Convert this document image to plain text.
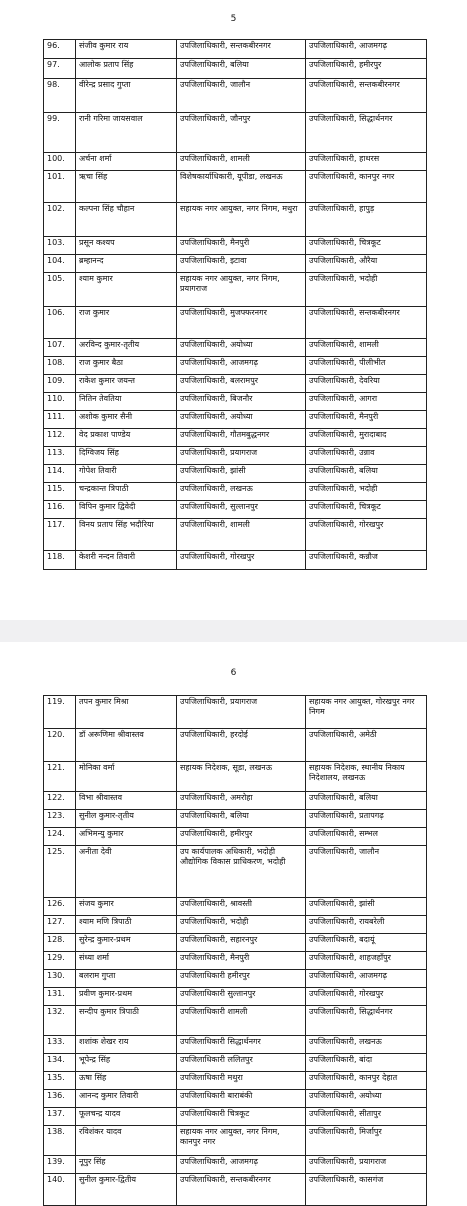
5
96.	संजीव कुमार राय	उपजिलाधिकारी, सन्तकबीरनगर	उपजिलाधिकारी, आजमगढ़
97.	आलोक प्रताप सिंह	उपजिलाधिकारी, बलिया	उपजिलाधिकारी, हमीरपुर
98.	वीरेन्द्र प्रसाद गुप्ता	उपजिलाधिकारी, जालौन	उपजिलाधिकारी, सन्तकबीरनगर
99.	रानी गरिमा जायसवाल	उपजिलाधिकारी, जौनपुर	उपजिलाधिकारी, सिद्धार्थनगर
100.	अर्चना शर्मा	उपजिलाधिकारी, शामली	उपजिलाधिकारी, हाथरस
101.	ऋचा सिंह	विशेषकार्याधिकारी, यूपीडा, लखनऊ	उपजिलाधिकारी, कानपुर नगर
102.	कल्पना सिंह चौहान	सहायक नगर आयुक्त, नगर निगम, मथुरा	उपजिलाधिकारी, हापुड़
103.	प्रसून कश्यप	उपजिलाधिकारी, मैनपुरी	उपजिलाधिकारी, चित्रकूट
104.	ब्रम्हानन्द	उपजिलाधिकारी, इटावा	उपजिलाधिकारी, औरैया
105.	श्याम कुमार	सहायक नगर आयुक्त, नगर निगम, प्रयागराज	उपजिलाधिकारी, भदोही
106.	राज कुमार	उपजिलाधिकारी, मुजफ्फरनगर	उपजिलाधिकारी, सन्तकबीरनगर
107.	अरविन्द कुमार-तृतीय	उपजिलाधिकारी, अयोध्या	उपजिलाधिकारी, शामली
108.	राज कुमार बैठा	उपजिलाधिकारी, आजमगढ़	उपजिलाधिकारी, पीलीभीत
109.	राकेश कुमार जयन्त	उपजिलाधिकारी, बलरामपुर	उपजिलाधिकारी, देवरिया
110.	नितिन तेवतिया	उपजिलाधिकारी, बिजनौर	उपजिलाधिकारी, आगरा
111.	अशोक कुमार सैनी	उपजिलाधिकारी, अयोध्या	उपजिलाधिकारी, मैनपुरी
112.	वेद प्रकाश पाण्डेय	उपजिलाधिकारी, गौतमबुद्धनगर	उपजिलाधिकारी, मुरादाबाद
113.	दिग्विजय सिंह	उपजिलाधिकारी, प्रयागराज	उपजिलाधिकारी, उन्नाव
114.	गोपेश तिवारी	उपजिलाधिकारी, झांसी	उपजिलाधिकारी, बलिया
115.	चन्द्रकान्त त्रिपाठी	उपजिलाधिकारी, लखनऊ	उपजिलाधिकारी, भदोही
116.	विपिन कुमार द्विवेदी	उपजिलाधिकारी, सुल्तानपुर	उपजिलाधिकारी, चित्रकूट
117.	विनय प्रताप सिंह भदौरिया	उपजिलाधिकारी, शामली	उपजिलाधिकारी, गोरखपुर
118.	केशरी नन्दन तिवारी	उपजिलाधिकारी, गोरखपुर	उपजिलाधिकारी, कन्नौज
6
119.	तपन कुमार मिश्रा	उपजिलाधिकारी, प्रयागराज	सहायक नगर आयुक्त, गोरखपुर नगर निगम
120.	डॉ अरूणिमा श्रीवास्तव	उपजिलाधिकारी, हरदोई	उपजिलाधिकारी, अमेठी
121.	मोनिका वर्मा	सहायक निदेशक, सूडा, लखनऊ	सहायक निदेशक, स्थानीय निकाय निदेशालय, लखनऊ
122.	विभा श्रीवास्तव	उपजिलाधिकारी, अमरोहा	उपजिलाधिकारी, बलिया
123.	सुनील कुमार-तृतीय	उपजिलाधिकारी, बलिया	उपजिलाधिकारी, प्रतापगढ़
124.	अभिमन्यु कुमार	उपजिलाधिकारी, हमीरपुर	उपजिलाधिकारी, सम्भल
125.	अनीता देवी	उप कार्यपालक अधिकारी, भदोही औद्योगिक विकास प्राधिकरण, भदोही	उपजिलाधिकारी, जालौन
126.	संजय कुमार	उपजिलाधिकारी, श्रावस्ती	उपजिलाधिकारी, झांसी
127.	श्याम मणि त्रिपाठी	उपजिलाधिकारी, भदोही	उपजिलाधिकारी, रायबरेली
128.	सुरेन्द्र कुमार-प्रथम	उपजिलाधिकारी, सहारनपुर	उपजिलाधिकारी, बदायूं
129.	संध्या शर्मा	उपजिलाधिकारी, मैनपुरी	उपजिलाधिकारी, शाहजहाँपुर
130.	बलराम गुप्ता	उपजिलाधिकारी हमीरपुर	उपजिलाधिकारी, आजमगढ़
131.	प्रवीण कुमार-प्रथम	उपजिलाधिकारी सुल्तानपुर	उपजिलाधिकारी, गोरखपुर
132.	सन्दीप कुमार त्रिपाठी	उपजिलाधिकारी शामली	उपजिलाधिकारी, सिद्धार्थनगर
133.	शशांक शेखर राय	उपजिलाधिकारी सिद्धार्थनगर	उपजिलाधिकारी, लखनऊ
134.	भूपेन्द्र सिंह	उपजिलाधिकारी ललितपुर	उपजिलाधिकारी, बांदा
135.	ऊषा सिंह	उपजिलाधिकारी मथुरा	उपजिलाधिकारी, कानपुर देहात
136.	आनन्द कुमार तिवारी	उपजिलाधिकारी बाराबंकी	उपजिलाधिकारी, अयोध्या
137.	फूलचन्द्र यादव	उपजिलाधिकारी चित्रकूट	उपजिलाधिकारी, सीतापुर
138.	रविशंकर यादव	सहायक नगर आयुक्त, नगर निगम, कानपुर नगर	उपजिलाधिकारी, मिर्जापुर
139.	नूपुर सिंह	उपजिलाधिकारी, आजमगढ़	उपजिलाधिकारी, प्रयागराज
140.	सुनील कुमार-द्वितीय	उपजिलाधिकारी, सन्तकबीरनगर	उपजिलाधिकारी, कासगंज
